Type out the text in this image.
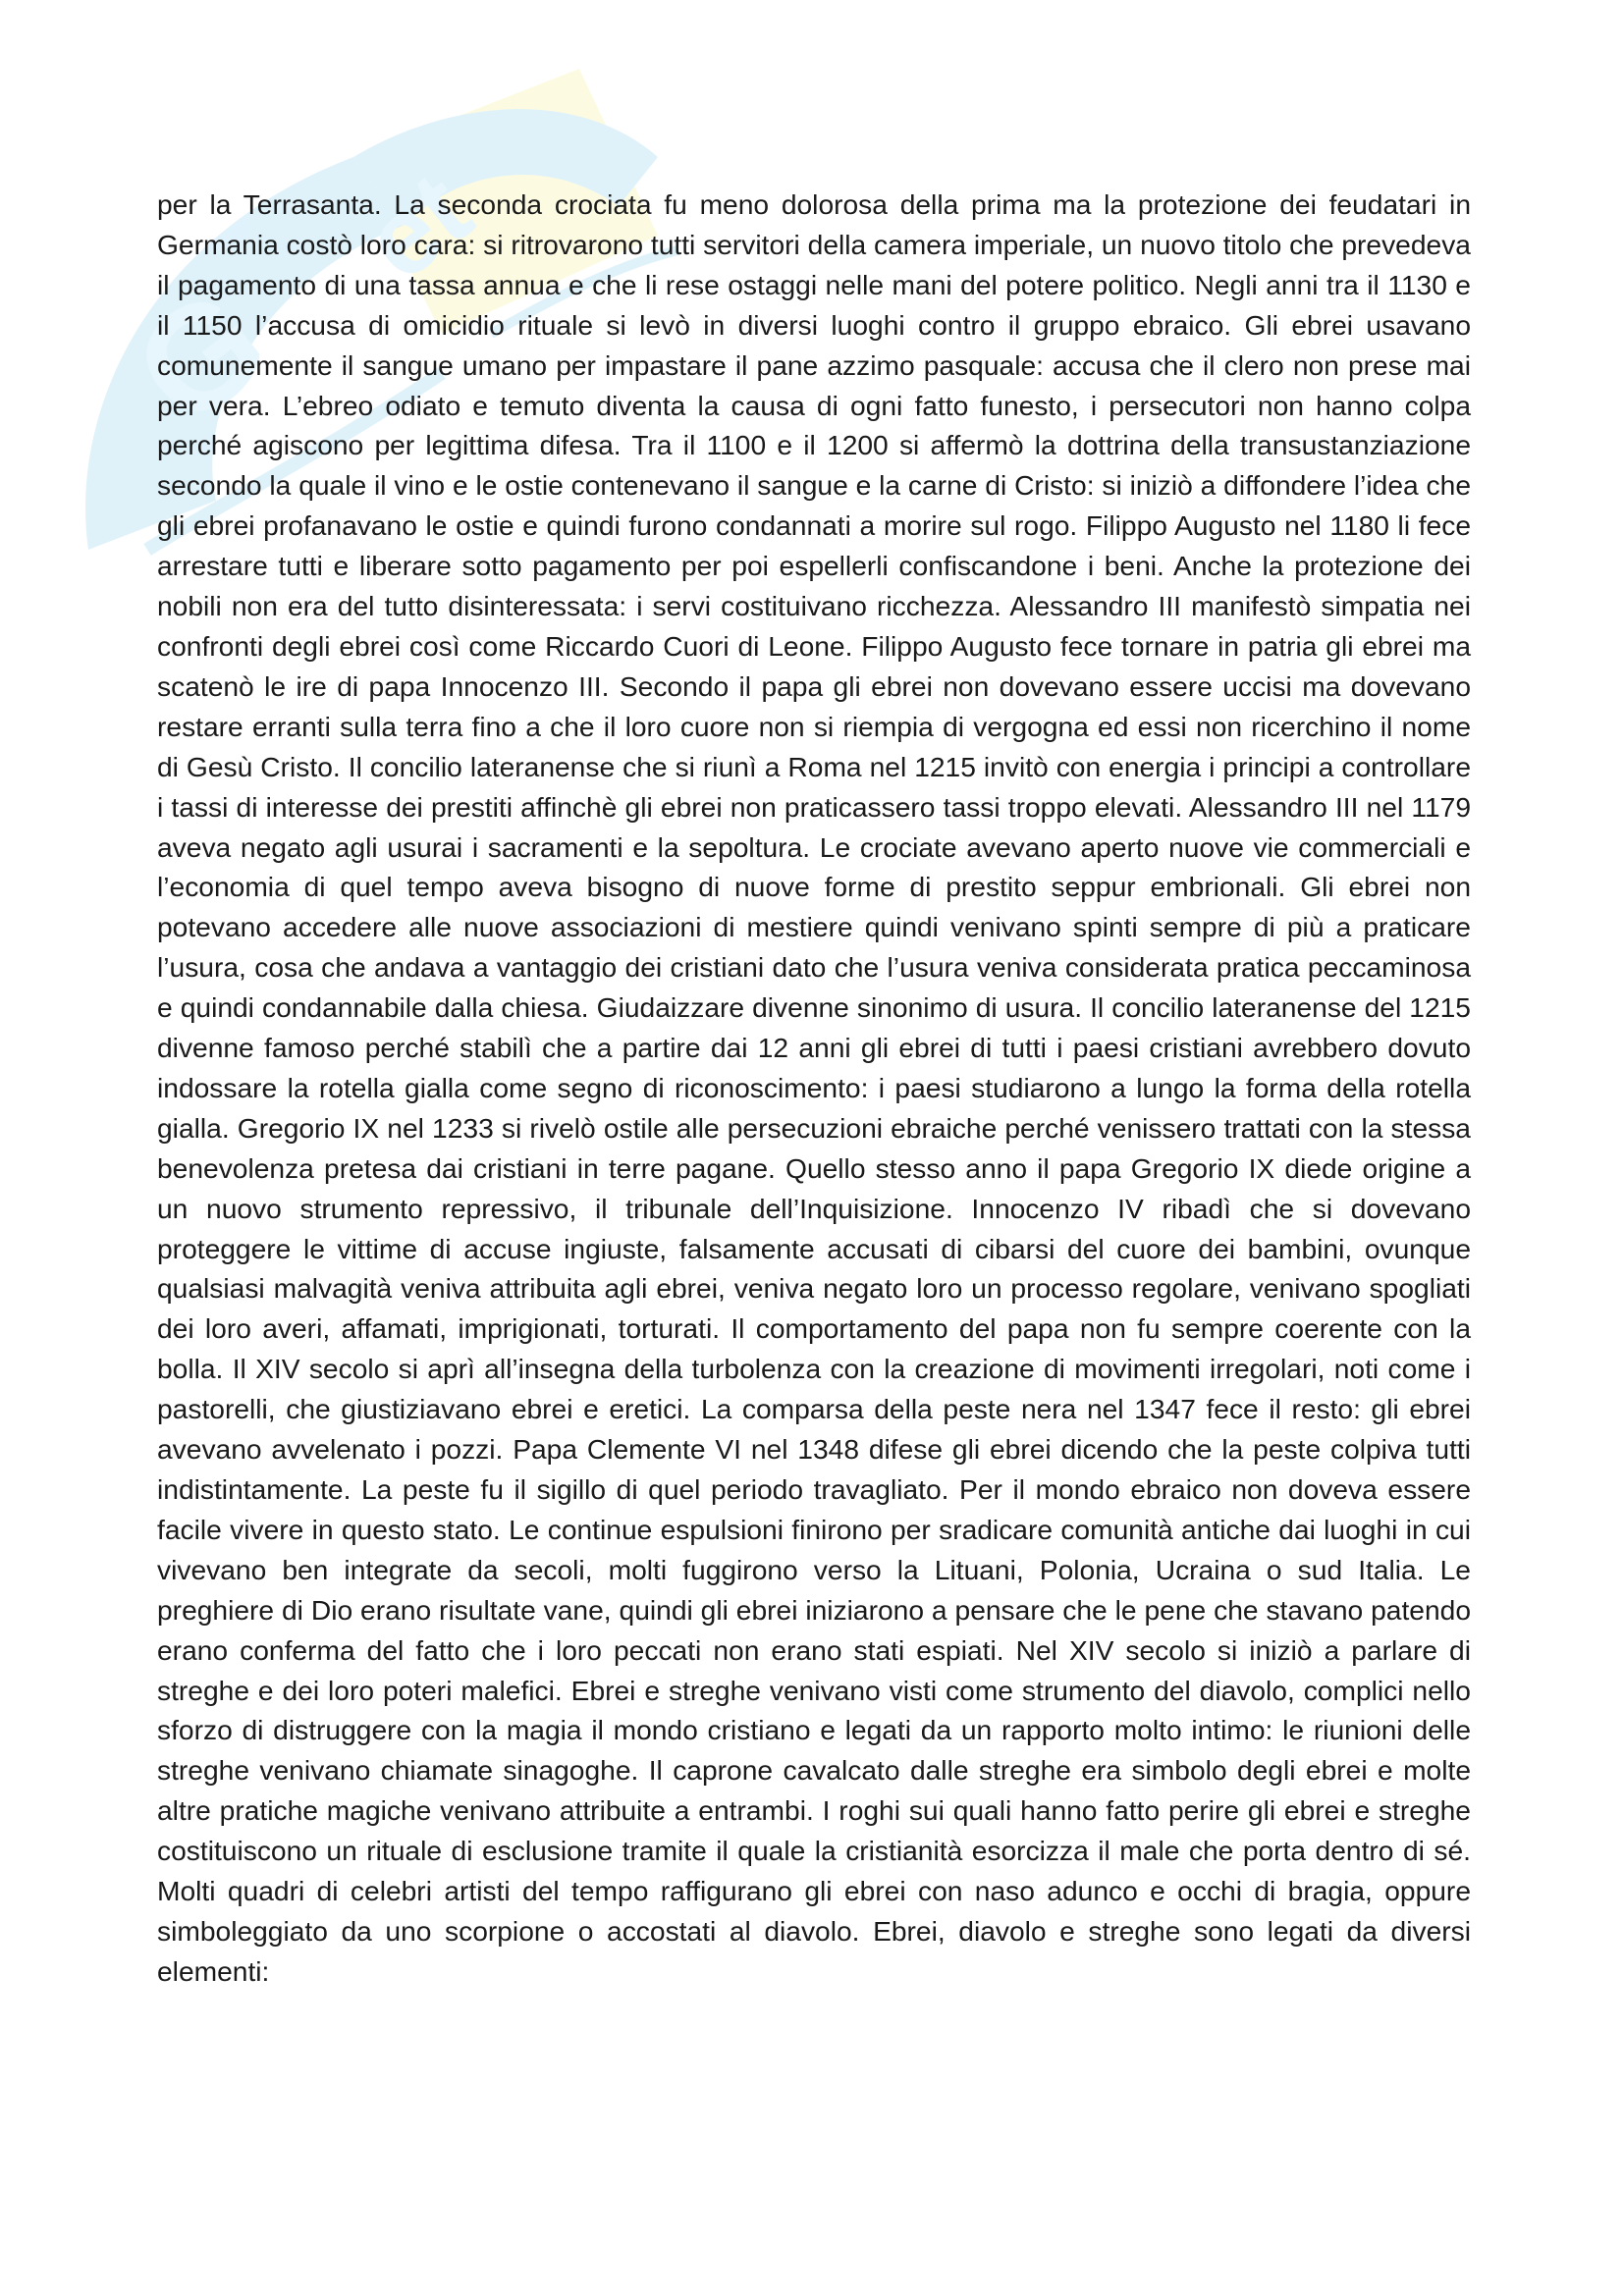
G
et

per la Terrasanta. La seconda crociata fu meno dolorosa della prima ma la protezione dei feudatari in Germania costò loro cara: si ritrovarono tutti servitori della camera imperiale, un nuovo titolo che prevedeva il pagamento di una tassa annua e che li rese ostaggi nelle mani del potere politico. Negli anni tra il 1130 e il 1150 l’accusa di omicidio rituale si levò in diversi luoghi contro il gruppo ebraico. Gli ebrei usavano comunemente il sangue umano per impastare il pane azzimo pasquale: accusa che il clero non prese mai per vera. L’ebreo odiato e temuto diventa la causa di ogni fatto funesto, i persecutori non hanno colpa perché agiscono per legittima difesa. Tra il 1100 e il 1200 si affermò la dottrina della transustanziazione secondo la quale il vino e le ostie contenevano il sangue e la carne di Cristo: si iniziò a diffondere l’idea che gli ebrei profanavano le ostie e quindi furono condannati a morire sul rogo. Filippo Augusto nel 1180 li fece arrestare tutti e liberare sotto pagamento per poi espellerli confiscandone i beni. Anche la protezione dei nobili non era del tutto disinteressata: i servi costituivano ricchezza. Alessandro III manifestò simpatia nei confronti degli ebrei così come Riccardo Cuori di Leone. Filippo Augusto fece tornare in patria gli ebrei ma scatenò le ire di papa Innocenzo III. Secondo il papa gli ebrei non dovevano essere uccisi ma dovevano restare erranti sulla terra fino a che il loro cuore non si riempia di vergogna ed essi non ricerchino il nome di Gesù Cristo. Il concilio lateranense che si riunì a Roma nel 1215 invitò con energia i principi a controllare i tassi di interesse dei prestiti affinchè gli ebrei non praticassero tassi troppo elevati. Alessandro III nel 1179 aveva negato agli usurai i sacramenti e la sepoltura. Le crociate avevano aperto nuove vie commerciali e l’economia di quel tempo aveva bisogno di nuove forme di prestito seppur embrionali. Gli ebrei non potevano accedere alle nuove associazioni di mestiere quindi venivano spinti sempre di più a praticare l’usura, cosa che andava a vantaggio dei cristiani dato che l’usura veniva considerata pratica peccaminosa e quindi condannabile dalla chiesa. Giudaizzare divenne sinonimo di usura. Il concilio lateranense del 1215 divenne famoso perché stabilì che a partire dai 12 anni gli ebrei di tutti i paesi cristiani avrebbero dovuto indossare la rotella gialla come segno di riconoscimento: i paesi studiarono a lungo la forma della rotella gialla. Gregorio IX nel 1233 si rivelò ostile alle persecuzioni ebraiche perché venissero trattati con la stessa benevolenza pretesa dai cristiani in terre pagane. Quello stesso anno il papa Gregorio IX diede origine a un nuovo strumento repressivo, il tribunale dell’Inquisizione. Innocenzo IV ribadì che si dovevano proteggere le vittime di accuse ingiuste, falsamente accusati di cibarsi del cuore dei bambini, ovunque qualsiasi malvagità veniva attribuita agli ebrei, veniva negato loro un processo regolare, venivano spogliati dei loro averi, affamati, imprigionati, torturati. Il comportamento del papa non fu sempre coerente con la bolla. Il XIV secolo si aprì all’insegna della turbolenza con la creazione di movimenti irregolari, noti come i pastorelli, che giustiziavano ebrei e eretici. La comparsa della peste nera nel 1347 fece il resto: gli ebrei avevano avvelenato i pozzi. Papa Clemente VI nel 1348 difese gli ebrei dicendo che la peste colpiva tutti indistintamente. La peste fu il sigillo di quel periodo travagliato. Per il mondo ebraico non doveva essere facile vivere in questo stato. Le continue espulsioni finirono per sradicare comunità antiche dai luoghi in cui vivevano ben integrate da secoli, molti fuggirono verso la Lituani, Polonia, Ucraina o sud Italia. Le preghiere di Dio erano risultate vane, quindi gli ebrei iniziarono a pensare che le pene che stavano patendo erano conferma del fatto che i loro peccati non erano stati espiati. Nel XIV secolo si iniziò a parlare di streghe e dei loro poteri malefici. Ebrei e streghe venivano visti come strumento del diavolo, complici nello sforzo di distruggere con la magia il mondo cristiano e legati da un rapporto molto intimo: le riunioni delle streghe venivano chiamate sinagoghe. Il caprone cavalcato dalle streghe era simbolo degli ebrei e molte altre pratiche magiche venivano attribuite a entrambi. I roghi sui quali hanno fatto perire gli ebrei e streghe costituiscono un rituale di esclusione tramite il quale la cristianità esorcizza il male che porta dentro di sé. Molti quadri di celebri artisti del tempo raffigurano gli ebrei con naso adunco e occhi di bragia, oppure simboleggiato da uno scorpione o accostati al diavolo. Ebrei, diavolo e streghe sono legati da diversi elementi:
